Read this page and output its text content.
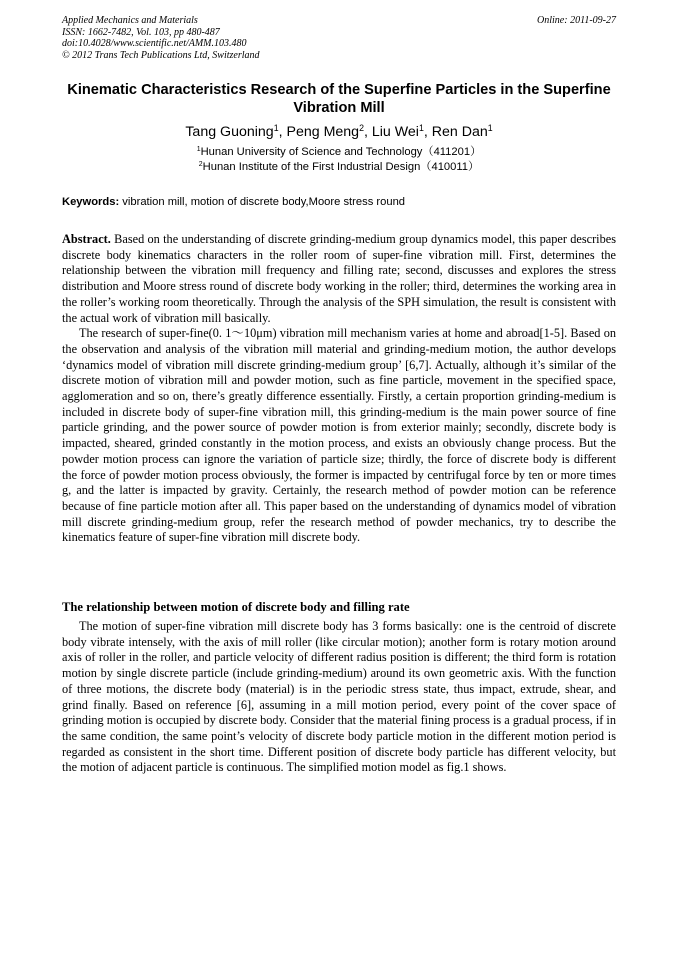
Applied Mechanics and Materials
ISSN: 1662-7482, Vol. 103, pp 480-487
doi:10.4028/www.scientific.net/AMM.103.480
© 2012 Trans Tech Publications Ltd, Switzerland
Online: 2011-09-27
Kinematic Characteristics Research of the Superfine Particles in the Superfine Vibration Mill
Tang Guoning$^1$, Peng Meng$^2$, Liu Wei$^1$, Ren Dan$^1$
$^1$Hunan University of Science and Technology（411201）
$^2$Hunan Institute of the First Industrial Design（410011）
Keywords: vibration mill, motion of discrete body,Moore stress round

Abstract. Based on the understanding of discrete grinding-medium group dynamics model, this paper describes discrete body kinematics characters in the roller room of super-fine vibration mill. First, determines the relationship between the vibration mill frequency and filling rate; second, discusses and explores the stress distribution and Moore stress round of discrete body working in the roller; third, determines the working area in the roller’s working room theoretically. Through the analysis of the SPH simulation, the result is consistent with the actual work of vibration mill basically.

The research of super-fine(0. 1～10μm) vibration mill mechanism varies at home and abroad[1-5]. Based on the observation and analysis of the vibration mill material and grinding-medium motion, the author develops ‘dynamics model of vibration mill discrete grinding-medium group’ [6,7]. Actually, although it’s similar of the discrete motion of vibration mill and powder motion, such as fine particle, movement in the specified space, agglomeration and so on, there’s greatly difference essentially. Firstly, a certain proportion grinding-medium is included in discrete body of super-fine vibration mill, this grinding-medium is the main power source of fine particle grinding, and the power source of powder motion is from exterior mainly; secondly, discrete body is impacted, sheared, grinded constantly in the motion process, and exists an obviously change process. But the powder motion process can ignore the variation of particle size; thirdly, the force of discrete body is different the force of powder motion process obviously, the former is impacted by centrifugal force by ten or more times g, and the latter is impacted by gravity. Certainly, the research method of powder motion can be reference because of fine particle motion after all. This paper based on the understanding of dynamics model of vibration mill discrete grinding-medium group, refer the research method of powder mechanics, try to describe the kinematics feature of super-fine vibration mill discrete body.

The relationship between motion of discrete body and filling rate

The motion of super-fine vibration mill discrete body has 3 forms basically: one is the centroid of discrete body vibrate intensely, with the axis of mill roller (like circular motion); another form is rotary motion around axis of roller in the roller, and particle velocity of different radius position is different; the third form is rotation motion by single discrete particle (include grinding-medium) around its own geometric axis. With the function of three motions, the discrete body (material) is in the periodic stress state, thus impact, extrude, shear, and grind finally. Based on reference [6], assuming in a mill motion period, every point of the cover space of grinding motion is occupied by discrete body. Consider that the material fining process is a gradual process, if in the same condition, the same point’s velocity of discrete body particle motion in the different motion period is regarded as consistent in the short time. Different position of discrete body particle has different velocity, but the motion of adjacent particle is continuous. The simplified motion model as fig.1 shows.
